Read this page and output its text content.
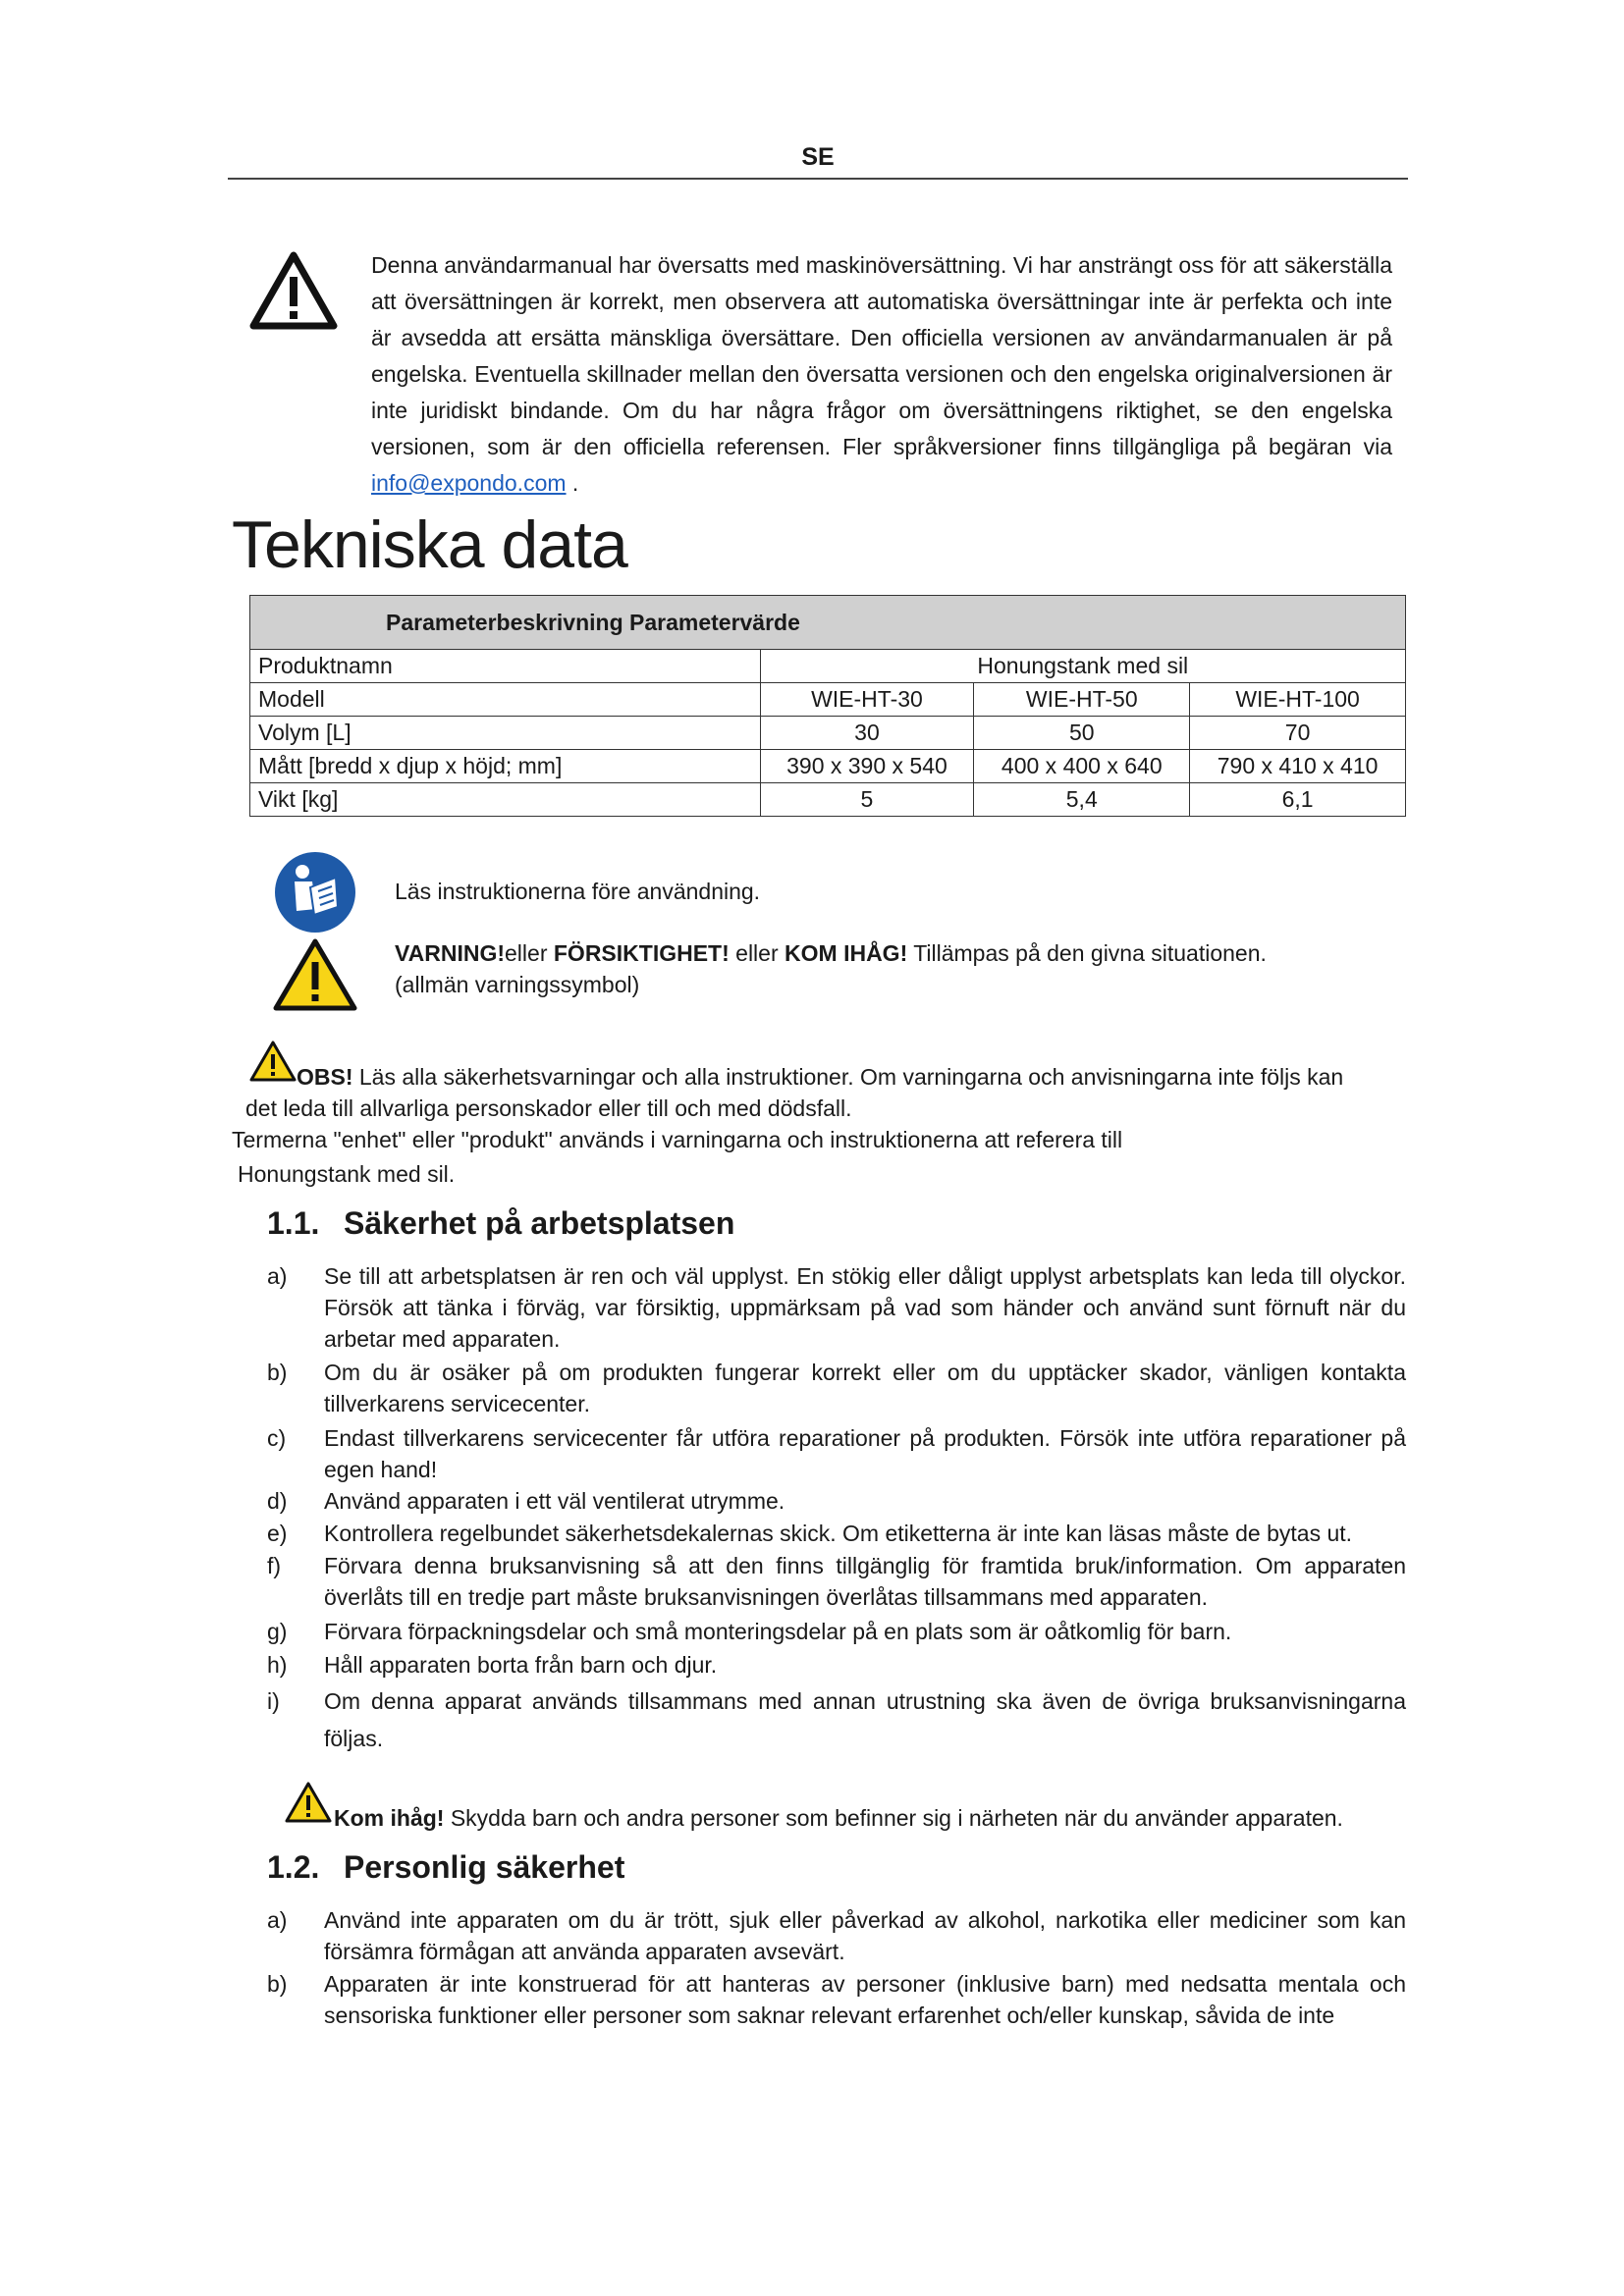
SE
Denna användarmanual har översatts med maskinöversättning. Vi har ansträngt oss för att säkerställa att översättningen är korrekt, men observera att automatiska översättningar inte är perfekta och inte är avsedda att ersätta mänskliga översättare. Den officiella versionen av användarmanualen är på engelska. Eventuella skillnader mellan den översatta versionen och den engelska originalversionen är inte juridiskt bindande. Om du har några frågor om översättningens riktighet, se den engelska versionen, som är den officiella referensen. Fler språkversioner finns tillgängliga på begäran via info@expondo.com .
Tekniska data
Parameterbeskrivning Parametervärde			
Produktnamn	Honungstank med sil		
Modell	WIE-HT-30	WIE-HT-50	WIE-HT-100
Volym [L]	30	50	70
Mått [bredd x djup x höjd; mm]	390 x 390 x 540	400 x 400 x 640	790 x 410 x 410
Vikt [kg]	5	5,4	6,1
Läs instruktionerna före användning.
VARNING!eller FÖRSIKTIGHET! eller KOM IHÅG! Tillämpas på den givna situationen.
(allmän varningssymbol)
OBS! Läs alla säkerhetsvarningar och alla instruktioner. Om varningarna och anvisningarna inte följs kan
det leda till allvarliga personskador eller till och med dödsfall.
Termerna "enhet" eller "produkt" används i varningarna och instruktionerna att referera till
Honungstank med sil.
1.1. Säkerhet på arbetsplatsen
a)	Se till att arbetsplatsen är ren och väl upplyst. En stökig eller dåligt upplyst arbetsplats kan leda till olyckor. Försök att tänka i förväg, var försiktig, uppmärksam på vad som händer och använd sunt förnuft när du arbetar med apparaten.
b)	Om du är osäker på om produkten fungerar korrekt eller om du upptäcker skador, vänligen kontakta tillverkarens servicecenter.
c)	Endast tillverkarens servicecenter får utföra reparationer på produkten. Försök inte utföra reparationer på egen hand!
d)	Använd apparaten i ett väl ventilerat utrymme.
e)	Kontrollera regelbundet säkerhetsdekalernas skick. Om etiketterna är inte kan läsas måste de bytas ut.
f)	Förvara denna bruksanvisning så att den finns tillgänglig för framtida bruk/information. Om apparaten överlåts till en tredje part måste bruksanvisningen överlåtas tillsammans med apparaten.
g)	Förvara förpackningsdelar och små monteringsdelar på en plats som är oåtkomlig för barn.
h)	Håll apparaten borta från barn och djur.
i)	Om denna apparat används tillsammans med annan utrustning ska även de övriga bruksanvisningarna följas.
Kom ihåg! Skydda barn och andra personer som befinner sig i närheten när du använder apparaten.
1.2. Personlig säkerhet
a)	Använd inte apparaten om du är trött, sjuk eller påverkad av alkohol, narkotika eller mediciner som kan försämra förmågan att använda apparaten avsevärt.
b)	Apparaten är inte konstruerad för att hanteras av personer (inklusive barn) med nedsatta mentala och sensoriska funktioner eller personer som saknar relevant erfarenhet och/eller kunskap, såvida de inte
